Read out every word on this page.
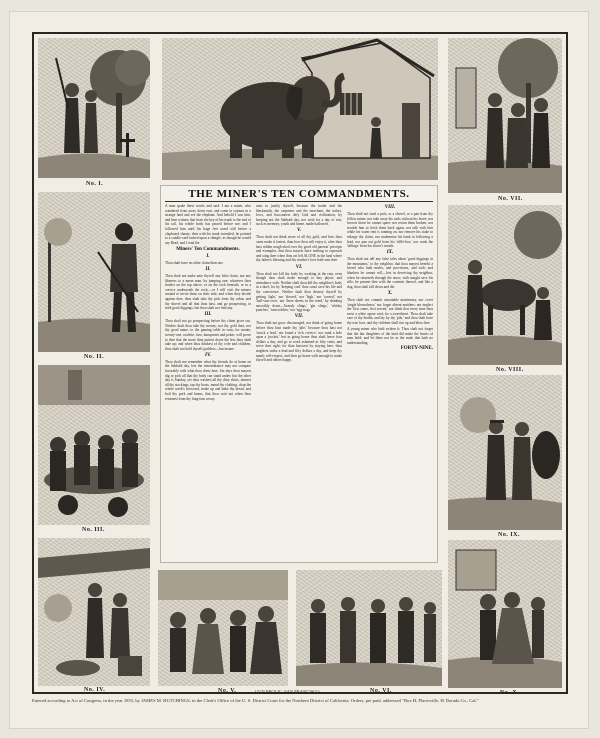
No. I.
No. VII.
No. II.
No. III.
No. VIII.
No. IX.
THE MINER'S TEN COMMANDMENTS.

A man spake these words and said: I am a miner, who wandered from away down east, and came to sojourn in a strange land and see the elephant. And behold I saw him, and bear witness that from the key of his trunk to the end of his tail, his whole body has passed before me; and I followed him until his huge feet stood still before a clapboard shanty; then with his trunk extended, he pointed to a candle-card tacked upon a shingle, as though he would say Read, and I read the

Miners' Ten Commandments.
I.

Thou shalt have no other claim than one.

II.

Thou shalt not make unto thyself any false claim, nor any likeness to a mean man, by jumping one: whatever thou findest on the top above, or on the rock beneath, or in a crevice underneath the rock;—or I will visit the miners around to invite them on their side; and when they decide against thee, thou shalt take thy pick from thy cabin, and thy shovel and all that thou hast, and go prospecting, to seek good diggings; but thou shalt not find any.

III.

Thou shalt not go prospecting before thy claim gives out. Neither shalt thou take thy money, nor thy gold dust, nor thy good name, to the gaming table in vain; for monte, twenty-one, roulette, faro, lansquenet and poker, will prove to thee that the more thou puttest down the less thou shalt take up; and when thou thinkest of thy wife and children, thou shalt not hold thyself guiltless—but insane.

IV.

Thou shalt not remember what thy friends do at home on the Sabbath day, lest the remembrance may not compare favorably with what thou doest here. Six days thou mayest dig or pick all that thy body can stand under; but the other day is Sunday, yet thou washest all thy dirty shirts, darnest all thy stockings, tap thy boots, mend thy clothing, chop the whole week's firewood, make up and bake thy bread, and boil thy pork and beans, that thou wait not when thou returnest from thy long-tom weary.

unto to justify thyself, because the trader and the blacksmith, the carpenter and the merchant, the tailors, Jews, and buccaneers defy God and civilization, by keeping not the Sabbath day, nor wish for a day of rest, such as memory, youth and home, made hallowed.

V.

Thou shalt not think more of all thy gold, and how thou canst make it fastest, than how thou wilt enjoy it, after thou hast ridden rough-shod over thy good old parents' precepts and examples, that thou mayest have nothing to reproach and sting thee when thou art left ALONE in the land where thy father's blessing and thy mother's love hath sent thee.

VI.

Thou shalt not kill thy body by working in the rain, even though thou shalt make enough to buy physic and attendance with. Neither shalt thou kill thy neighbor's body in a duel; for by 'keeping cool' thou canst save his life and thy conscience. Neither shalt thou destroy thyself by getting 'tight,' nor 'slewed,' nor 'high,' nor 'corned,' nor 'half-seas-over,' nor 'three sheets in the wind,' by drinking smoothly down—'brandy slings,' 'gin slings,' 'whisky punches,' 'rum toddies,' nor 'egg-nogs.'

VII.

Thou shalt not grow discouraged, nor think of going home before thou hast made thy 'pile,' because thou hast not 'struck a lead,' nor found a 'rich crevice,' nor sunk a hole upon a 'pocket,' lest in going home thou shalt leave four dollars a day, and go to work ashamed at fifty cents, and serve thee right; for thou knowest by staying here, thou mightest strike a lead and fifty dollars a day, and keep thy manly self-respect, and then go home with enough to make thyself and others happy.

VIII.

Thou shalt not steal a pick, or a shovel, or a pan from thy fellow miner; nor take away his tools without his leave; nor borrow those he cannot spare; nor return them broken, nor trouble him to fetch them back again, nor talk with him while his water rent is running on, nor remove his stake to enlarge thy claim, nor undermine his bank in following a lead, nor pan out gold from his 'riffle-box,' nor wash the 'tailings' from his sluice's mouth.

IX.

Thou shalt not tell any false tales about 'good diggings in the mountains,' to thy neighbor, that thou mayest benefit a friend who hath mules, and provisions, and tools and blankets he cannot sell,—lest in deceiving thy neighbor, when he returneth through the snow, with naught save his rifle, he present thee with the contents thereof, and like a dog, thou shalt fall down and die.

X.

Thou shalt not commit unsuitable matrimony, nor covet 'single blessedness;' nor forget absent maidens; nor neglect the 'first come, first served,' nor think that every time thou seest a white apron wish for a sweetheart. Thou shalt take care of thy health, and lay by thy 'pile,' and thou shalt have thy true love, and thy children shall rise up and bless thee.

A young miner who hath written it: Thou shalt not forget that the fair daughters of the land did make the hearts of men bold; and let thine not be as the mule that hath no understanding.

FORTY-NINE.
No. IV.	No. V.	No. VI.
GUN FROLIC, SAN FRANCISCO.	No. X.
Entered according to Act of Congress, in the year 1853, by JAMES M. HUTCHINGS, in the Clerk's Office of the U. S. District Court for the Northern District of California. Orders, pre paid, addressed "Box H, Placerville, El Dorado Co., Cal."
